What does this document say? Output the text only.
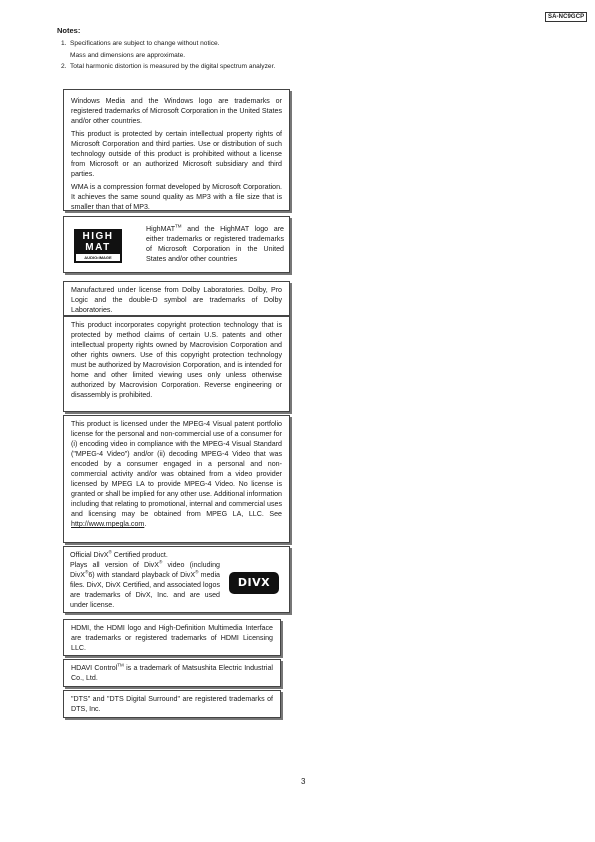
SA-NC9GCP
Notes:
1. Specifications are subject to change without notice.
Mass and dimensions are approximate.
2. Total harmonic distortion is measured by the digital spectrum analyzer.

Windows Media and the Windows logo are trademarks or registered trademarks of Microsoft Corporation in the United States and/or other countries.

This product is protected by certain intellectual property rights of Microsoft Corporation and third parties. Use or distribution of such technology outside of this product is prohibited without a license from Microsoft or an authorized Microsoft subsidiary and third parties.

WMA is a compression format developed by Microsoft Corporation. It achieves the same sound quality as MP3 with a file size that is smaller than that of MP3.

HIGH
MAT
AUDIO•IMAGE
HighMAT™ and the HighMAT logo are either trademarks or registered trademarks of Microsoft Corporation in the United States and/or other countries

Manufactured under license from Dolby Laboratories. Dolby, Pro Logic and the double-D symbol are trademarks of Dolby Laboratories.

This product incorporates copyright protection technology that is protected by method claims of certain U.S. patents and other intellectual property rights owned by Macrovision Corporation and other rights owners. Use of this copyright protection technology must be authorized by Macrovision Corporation, and is intended for home and other limited viewing uses only unless otherwise authorized by Macrovision Corporation. Reverse engineering or disassembly is prohibited.

This product is licensed under the MPEG-4 Visual patent portfolio license for the personal and non-commercial use of a consumer for (i) encoding video in compliance with the MPEG-4 Visual Standard ("MPEG-4 Video") and/or (ii) decoding MPEG-4 Video that was encoded by a consumer engaged in a personal and non-commercial activity and/or was obtained from a video provider licensed by MPEG LA to provide MPEG-4 Video. No license is granted or shall be implied for any other use. Additional information including that relating to promotional, internal and commercial uses and licensing may be obtained from MPEG LA, LLC. See http://www.mpegla.com.

Official DivX® Certified product.
Plays all version of DivX® video (including DivX®6) with standard playback of DivX® media files. DivX, DivX Certified, and associated logos are trademarks of DivX, Inc. and are used under license.
DIVX

HDMI, the HDMI logo and High-Definition Multimedia Interface are trademarks or registered trademarks of HDMI Licensing LLC.

HDAVI Control™ is a trademark of Matsushita Electric Industrial Co., Ltd.

"DTS" and "DTS Digital Surround" are registered trademarks of DTS, Inc.

3
